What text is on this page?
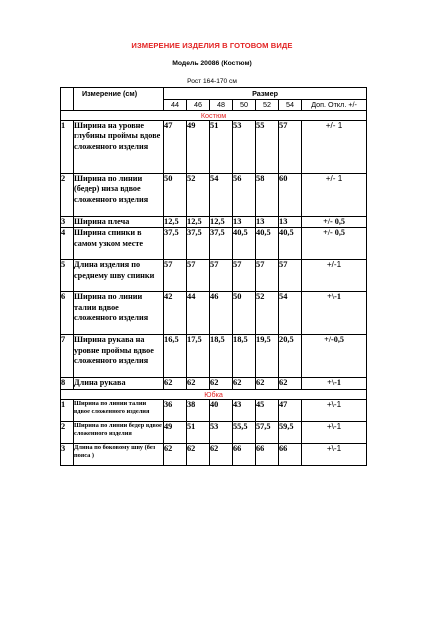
ИЗМЕРЕНИЕ ИЗДЕЛИЯ В ГОТОВОМ ВИДЕ
Модель 20086 (Костюм)
Рост 164-170 см
	Измерение (см)	Размер						
		44	46	48	50	52	54	Доп. Откл. +/-
Костюм								
1	Ширина на уровне глубины проймы вдове сложенного изделия	47	49	51	53	55	57	+/- 1
2	Ширина по линии (бедер) низа вдвое сложенного изделия	50	52	54	56	58	60	+/- 1
3	Ширина плеча	12,5	12,5	12,5	13	13	13	+/- 0,5
4	Ширина спинки в самом узком месте	37,5	37,5	37,5	40,5	40,5	40,5	+/- 0,5
5	Длина изделия по среднему шву спинки	57	57	57	57	57	57	+/-1
6	Ширина по линии талии вдвое сложенного изделия	42	44	46	50	52	54	+\-1
7	Ширина рукава на уровне проймы вдвое сложенного изделия	16,5	17,5	18,5	18,5	19,5	20,5	+/-0,5
8	Длина рукава	62	62	62	62	62	62	+\-1
Юбка								
1	Ширина по линии талии вдвое сложенного изделия	36	38	40	43	45	47	+\-1
2	Ширина по линии бедер вдвое сложенного изделия	49	51	53	55,5	57,5	59,5	+\-1
3	Длина по боковому шву (без пояса )	62	62	62	66	66	66	+\-1
